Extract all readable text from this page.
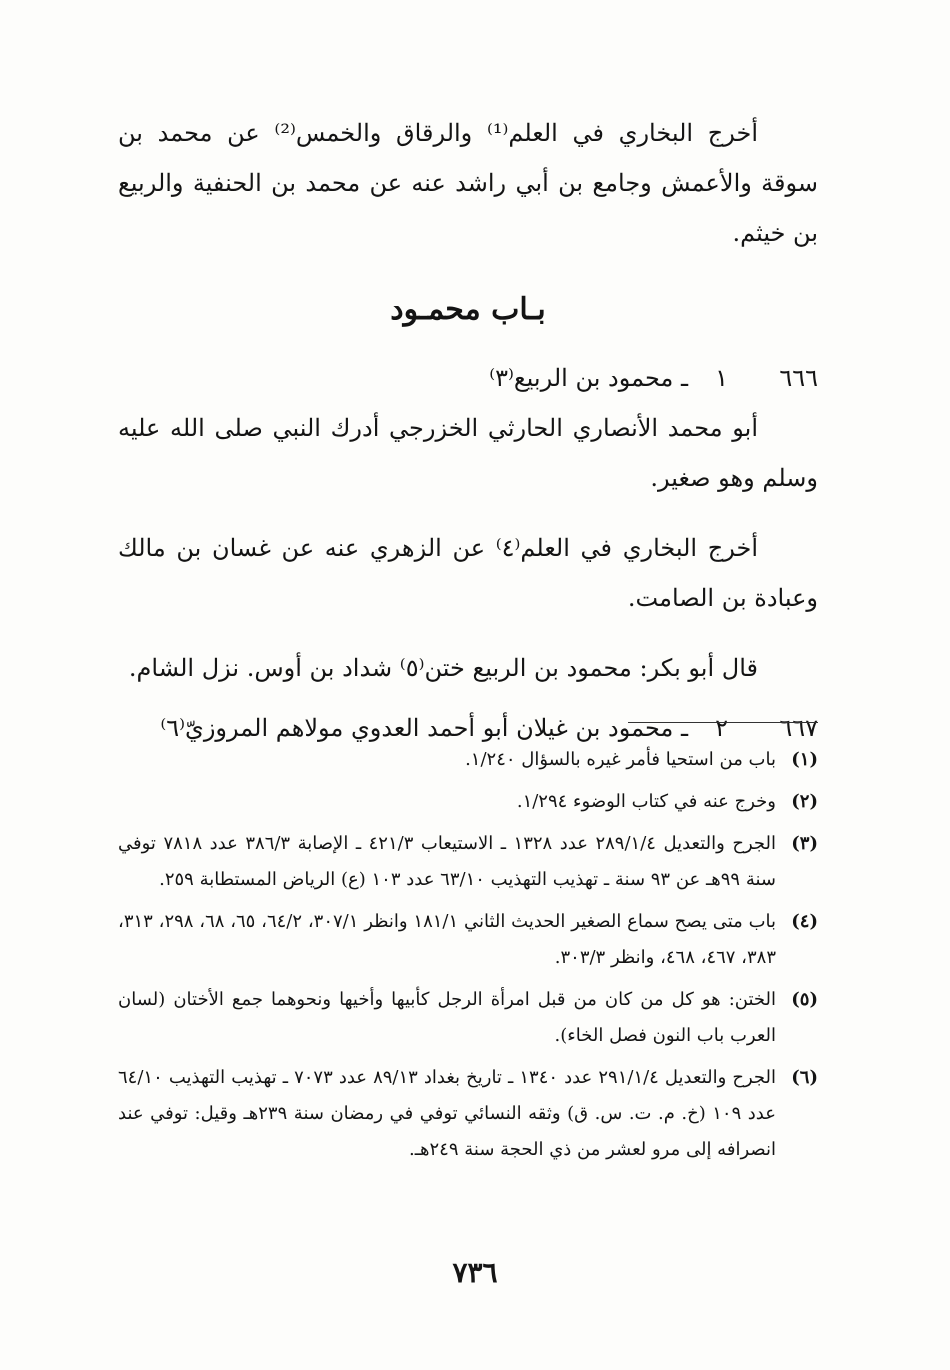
أخرج البخاري في العلم⁽¹⁾ والرقاق والخمس⁽²⁾ عن محمد بن سوقة والأعمش وجامع بن أبي راشد عنه عن محمد بن الحنفية والربيع بن خيثم.

بـاب محمـود
٦٦٦
١
ـ محمود بن الربيع⁽٣⁾

أبو محمد الأنصاري الحارثي الخزرجي أدرك النبي صلى الله عليه وسلم وهو صغير.

أخرج البخاري في العلم⁽٤⁾ عن الزهري عنه عن غسان بن مالك وعبادة بن الصامت.

قال أبو بكر: محمود بن الربيع ختن⁽٥⁾ شداد بن أوس. نزل الشام.

٦٦٧
٢
ـ محمود بن غيلان أبو أحمد العدوي مولاهم المروزيّ⁽٦⁾
(١)
باب من استحيا فأمر غيره بالسؤال ١/٢٤٠.
(٢)
وخرج عنه في كتاب الوضوء ١/٢٩٤.
(٣)
الجرح والتعديل ٢٨٩/١/٤ عدد ١٣٢٨ ـ الاستيعاب ٤٢١/٣ ـ الإصابة ٣٨٦/٣ عدد ٧٨١٨ توفي سنة ٩٩هـ عن ٩٣ سنة ـ تهذيب التهذيب ٦٣/١٠ عدد ١٠٣ (ع) الرياض المستطابة ٢٥٩.
(٤)
باب متى يصح سماع الصغير الحديث الثاني ١٨١/١ وانظر ٣٠٧/١، ٦٤/٢، ٦٥، ٦٨، ٢٩٨، ٣١٣، ٣٨٣، ٤٦٧، ٤٦٨، وانظر ٣٠٣/٣.
(٥)
الختن: هو كل من كان من قبل امرأة الرجل كأبيها وأخيها ونحوهما جمع الأختان (لسان العرب باب النون فصل الخاء).
(٦)
الجرح والتعديل ٢٩١/١/٤ عدد ١٣٤٠ ـ تاريخ بغداد ٨٩/١٣ عدد ٧٠٧٣ ـ تهذيب التهذيب ٦٤/١٠ عدد ١٠٩ (خ. م. ت. س. ق) وثقه النسائي توفي في رمضان سنة ٢٣٩هـ وقيل: توفي عند انصرافه إلى مرو لعشر من ذي الحجة سنة ٢٤٩هـ.
٧٣٦
